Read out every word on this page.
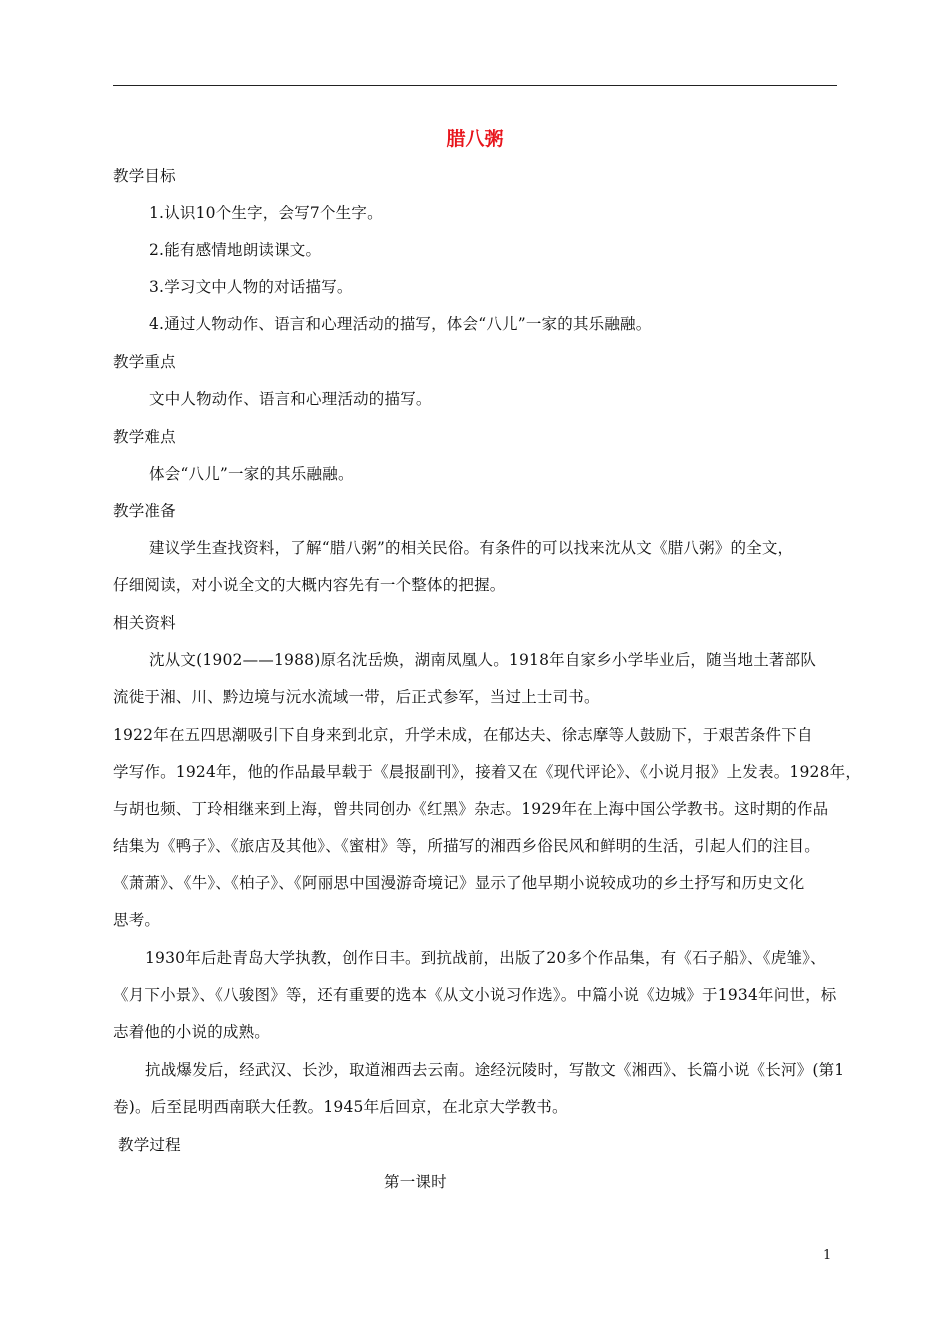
腊八粥
教学目标
1.认识10个生字，会写7个生字。
2.能有感情地朗读课文。
3.学习文中人物的对话描写。
4.通过人物动作、语言和心理活动的描写，体会“八儿”一家的其乐融融。
教学重点
文中人物动作、语言和心理活动的描写。
教学难点
体会“八儿”一家的其乐融融。
教学准备
建议学生查找资料，了解“腊八粥”的相关民俗。有条件的可以找来沈从文《腊八粥》的全文，
仔细阅读，对小说全文的大概内容先有一个整体的把握。
相关资料
沈从文(1902——1988)原名沈岳焕，湖南凤凰人。1918年自家乡小学毕业后，随当地土著部队
流徙于湘、川、黔边境与沅水流域一带，后正式参军，当过上士司书。
1922年在五四思潮吸引下自身来到北京，升学未成，在郁达夫、徐志摩等人鼓励下，于艰苦条件下自
学写作。1924年，他的作品最早载于《晨报副刊》，接着又在《现代评论》、《小说月报》上发表。1928年，
与胡也频、丁玲相继来到上海，曾共同创办《红黑》杂志。1929年在上海中国公学教书。这时期的作品
结集为《鸭子》、《旅店及其他》、《蜜柑》等，所描写的湘西乡俗民风和鲜明的生活，引起人们的注目。
《萧萧》、《牛》、《柏子》、《阿丽思中国漫游奇境记》显示了他早期小说较成功的乡土抒写和历史文化
思考。
1930年后赴青岛大学执教，创作日丰。到抗战前，出版了20多个作品集，有《石子船》、《虎雏》、
《月下小景》、《八骏图》等，还有重要的选本《从文小说习作选》。中篇小说《边城》于1934年问世，标
志着他的小说的成熟。
抗战爆发后，经武汉、长沙，取道湘西去云南。途经沅陵时，写散文《湘西》、长篇小说《长河》(第1
卷)。后至昆明西南联大任教。1945年后回京，在北京大学教书。
教学过程
第一课时
1
